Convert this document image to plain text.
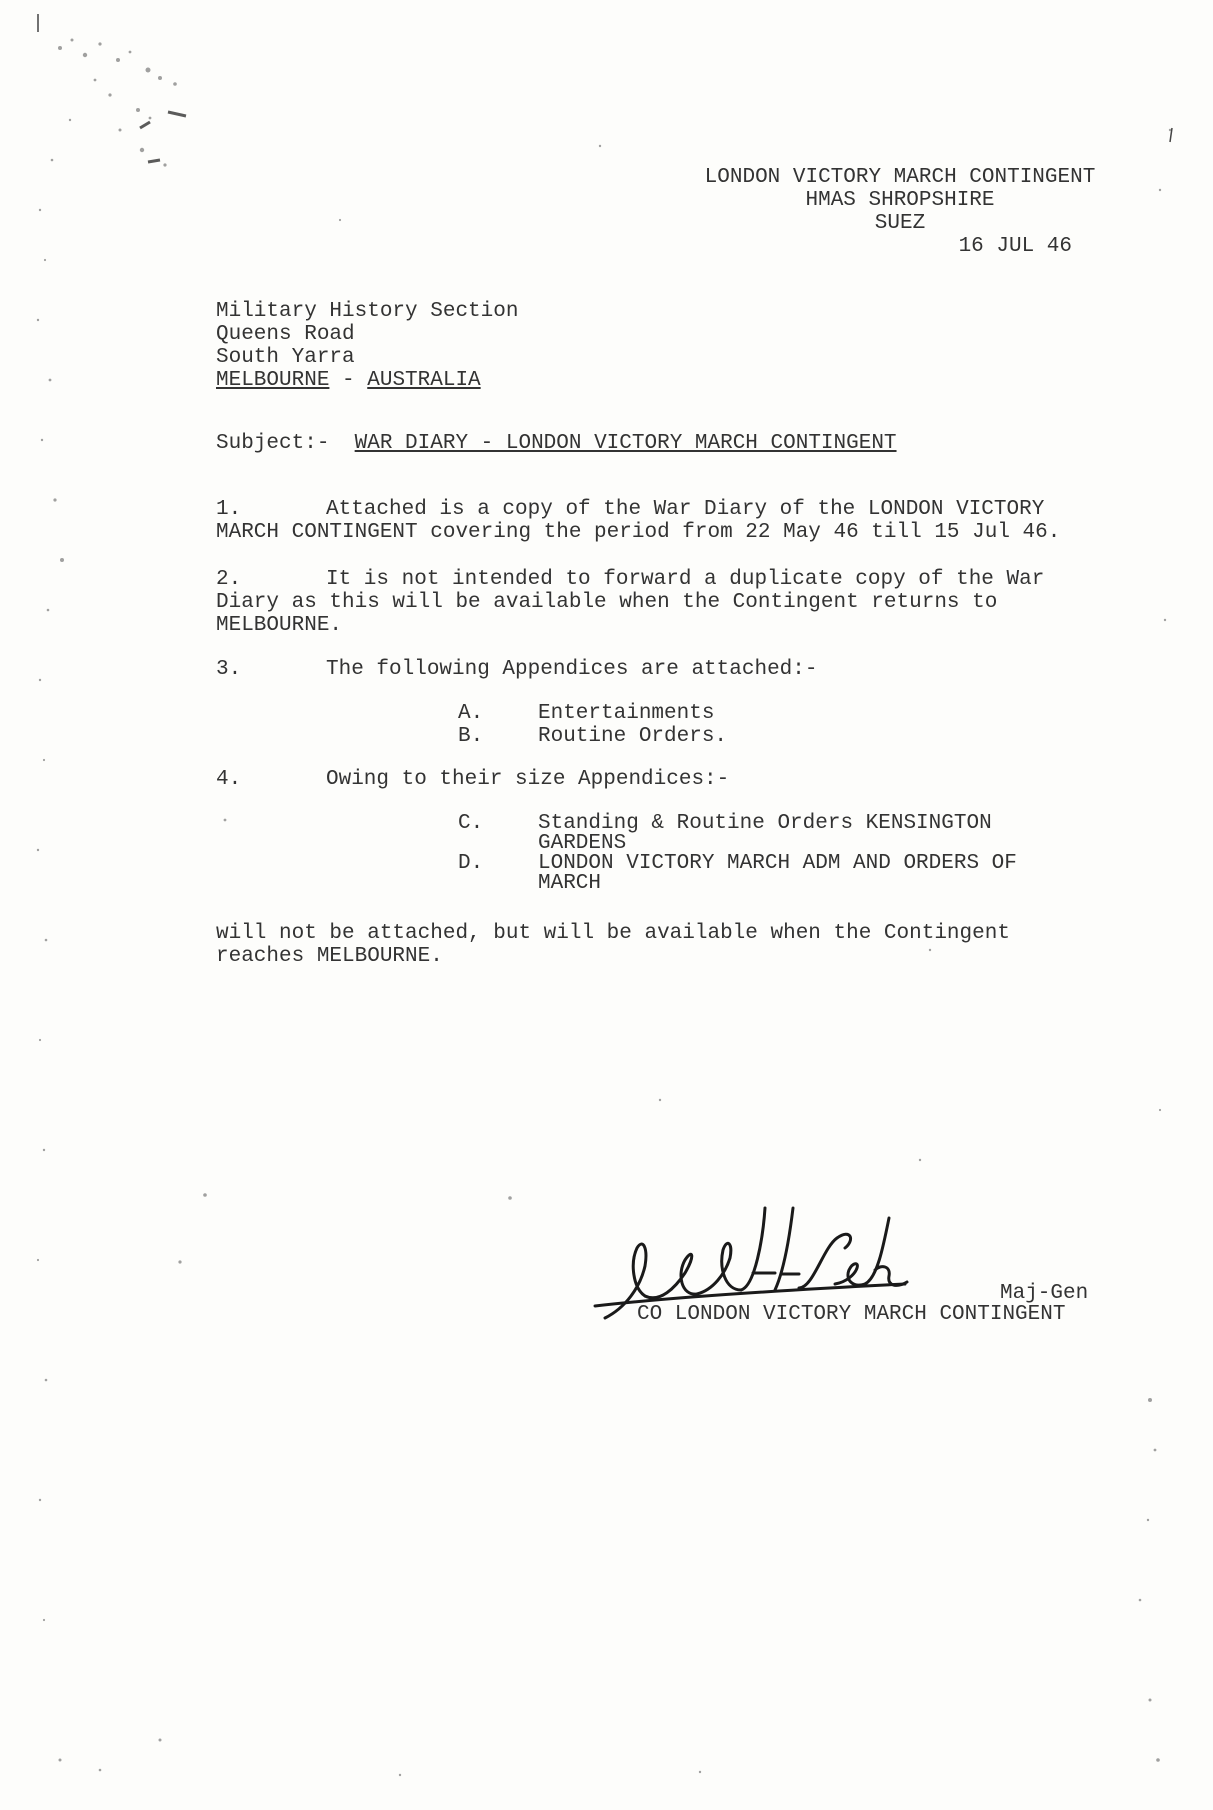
LONDON VICTORY MARCH CONTINGENT
HMAS SHROPSHIRE
SUEZ
16 JUL 46
Military History Section
Queens Road
South Yarra
MELBOURNE - AUSTRALIA
Subject:- WAR DIARY - LONDON VICTORY MARCH CONTINGENT
1.	Attached is a copy of the War Diary of the LONDON VICTORY
MARCH CONTINGENT covering the period from 22 May 46 till 15 Jul 46.
2.	It is not intended to forward a duplicate copy of the War
Diary as this will be available when the Contingent returns to
MELBOURNE.
3.	The following Appendices are attached:-
A.	Entertainments
B.	Routine Orders.
4.	Owing to their size Appendices:-
C.	Standing & Routine Orders KENSINGTON
GARDENS
D.	LONDON VICTORY MARCH ADM AND ORDERS OF
MARCH
will not be attached, but will be available when the Contingent
reaches MELBOURNE.
Maj-Gen
CO LONDON VICTORY MARCH CONTINGENT
